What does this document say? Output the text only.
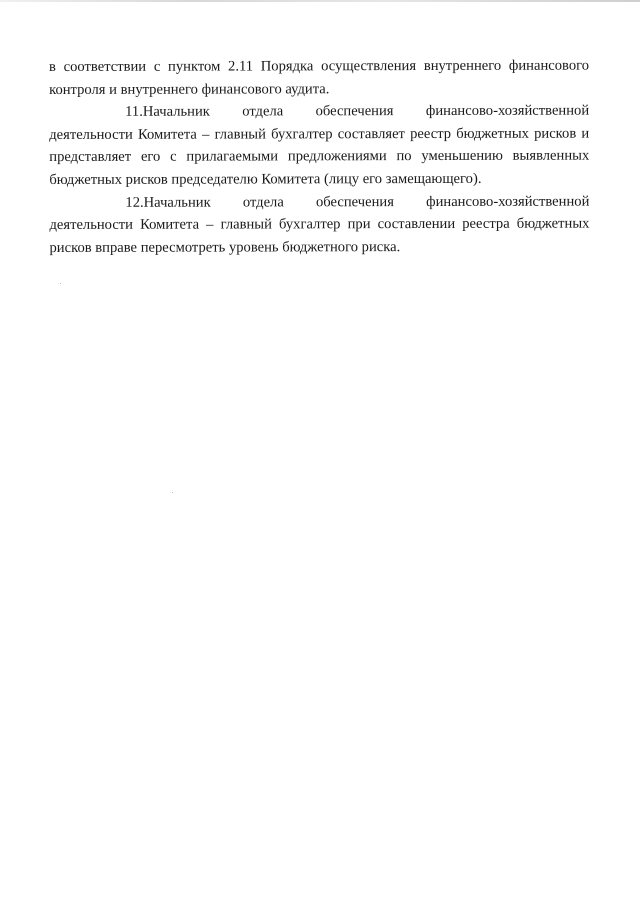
в соответствии с пунктом 2.11 Порядка осуществления внутреннего финансового контроля и внутреннего финансового аудита.

11.Начальник отдела обеспечения финансово-хозяйственной деятельности Комитета – главный бухгалтер составляет реестр бюджетных рисков и представляет его с прилагаемыми предложениями по уменьшению выявленных бюджетных рисков председателю Комитета (лицу его замещающего).

12.Начальник отдела обеспечения финансово-хозяйственной деятельности Комитета – главный бухгалтер при составлении реестра бюджетных рисков вправе пересмотреть уровень бюджетного риска.
